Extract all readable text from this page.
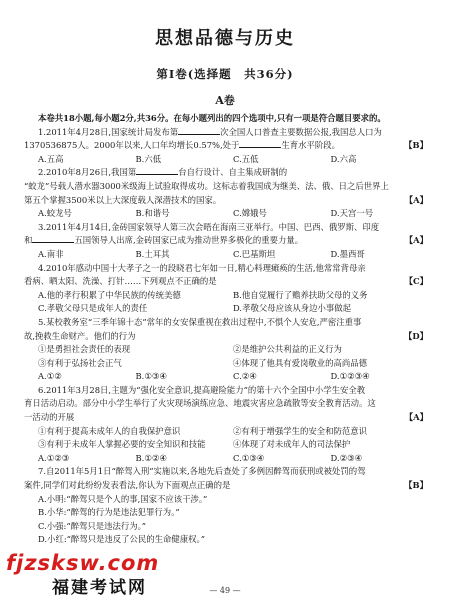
思想品德与历史
第Ⅰ卷(选择题　共36分)
A卷
本卷共18小题,每小题2分,共36分。在每小题列出的四个选项中,只有一项是符合题目要求的。
1.2011年4月28日,国家统计局发布第	次全国人口普查主要数据公报,我国总人口为
1370536875人。2000年以来,人口年均增长0.57%,处于	生育水平阶段。	【B】
A.五高	B.六低	C.五低	D.六高
2.2010年8月26日,我国第	台自行设计、自主集成研制的
“蛟龙”号载人潜水器3000米级海上试验取得成功。这标志着我国成为继美、法、俄、日之后世界上
第五个掌握3500米以上大深度载人深潜技术的国家。	【A】
A.蛟龙号	B.和谐号	C.嫦娥号	D.天宫一号
3.2011年4月14日,金砖国家领导人第三次会晤在海南三亚举行。中国、巴西、俄罗斯、印度
和	五国领导人出席,金砖国家已成为推动世界多极化的重要力量。	【A】
A.南非	B.土耳其	C.巴基斯坦	D.墨西哥
4.2010年感动中国十大孝子之一的段晓君七年如一日,精心料理瘫痪的生活,他常常背母亲
看病、晒太阳、洗澡、打针……下列观点不正确的是	【C】
A.他的孝行积累了中华民族的传统美德	B.他自觉履行了赡养扶助父母的义务
C.孝敬父母只是成年人的责任	D.孝敬父母应该从身边小事做起
5.某校教务室“三季年锦十态”常年的女安保重视在救出过程中,不惧个人安危,严密注重事
故,挽救生命财产。他们的行为	【D】
①是勇担社会责任的表现	②是维护公共利益的正义行为
③有利于弘扬社会正气	④体现了他具有爱岗敬业的高尚品德
A.①②	B.①③④	C.②④	D.①②③④
6.2011年3月28日,主题为“强化安全意识,提高避险能力”的第十六个全国中小学生安全教
育日活动启动。部分中小学生举行了火灾现场演练应急、地震灾害应急疏散等安全教育活动。这
一活动的开展	【A】
①有利于提高未成年人的自我保护意识	②有利于增强学生的安全和防范意识
③有利于未成年人掌握必要的安全知识和技能	④体现了对未成年人的司法保护
A.①②③	B.①②④	C.①③④	D.②③④
7.自2011年5月1日“醉驾入刑”实施以来,各地先后查处了多例因醉驾而获刑或被处罚的驾
案件,同学们对此纷纷发表看法,你认为下面观点正确的是	【B】
A.小明:“醉驾只是个人的事,国家不应该干涉。”
B.小华:“醉驾的行为是违法犯罪行为。”
C.小强:“醉驾只是违法行为。”
D.小红:“醉驾只是违反了公民的生命健康权。”
— 49 —
fjzsksw.com
福建考试网
